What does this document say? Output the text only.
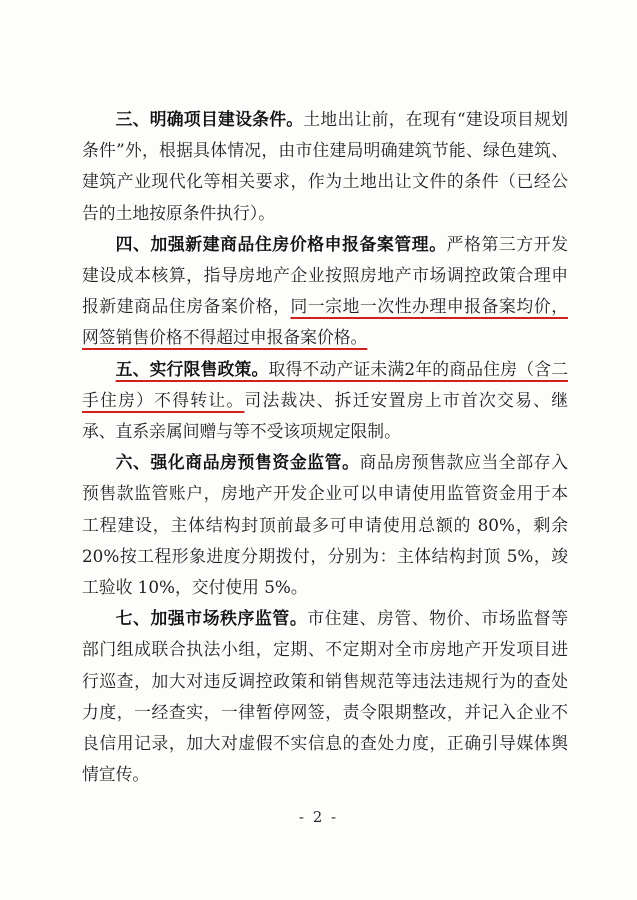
三、明确项目建设条件。土地出让前，在现有“建设项目规划条件”外，根据具体情况，由市住建局明确建筑节能、绿色建筑、建筑产业现代化等相关要求，作为土地出让文件的条件（已经公告的土地按原条件执行）。

四、加强新建商品住房价格申报备案管理。严格第三方开发建设成本核算，指导房地产企业按照房地产市场调控政策合理申报新建商品住房备案价格，同一宗地一次性办理申报备案均价，网签销售价格不得超过申报备案价格。

五、实行限售政策。取得不动产证未满2年的商品住房（含二手住房）不得转让。司法裁决、拆迁安置房上市首次交易、继承、直系亲属间赠与等不受该项规定限制。

六、强化商品房预售资金监管。商品房预售款应当全部存入预售款监管账户，房地产开发企业可以申请使用监管资金用于本工程建设，主体结构封顶前最多可申请使用总额的 80%，剩余20%按工程形象进度分期拨付，分别为：主体结构封顶 5%，竣工验收 10%，交付使用 5%。

七、加强市场秩序监管。市住建、房管、物价、市场监督等部门组成联合执法小组，定期、不定期对全市房地产开发项目进行巡查，加大对违反调控政策和销售规范等违法违规行为的查处力度，一经查实，一律暂停网签，责令限期整改，并记入企业不良信用记录，加大对虚假不实信息的查处力度，正确引导媒体舆情宣传。

- 2 -
